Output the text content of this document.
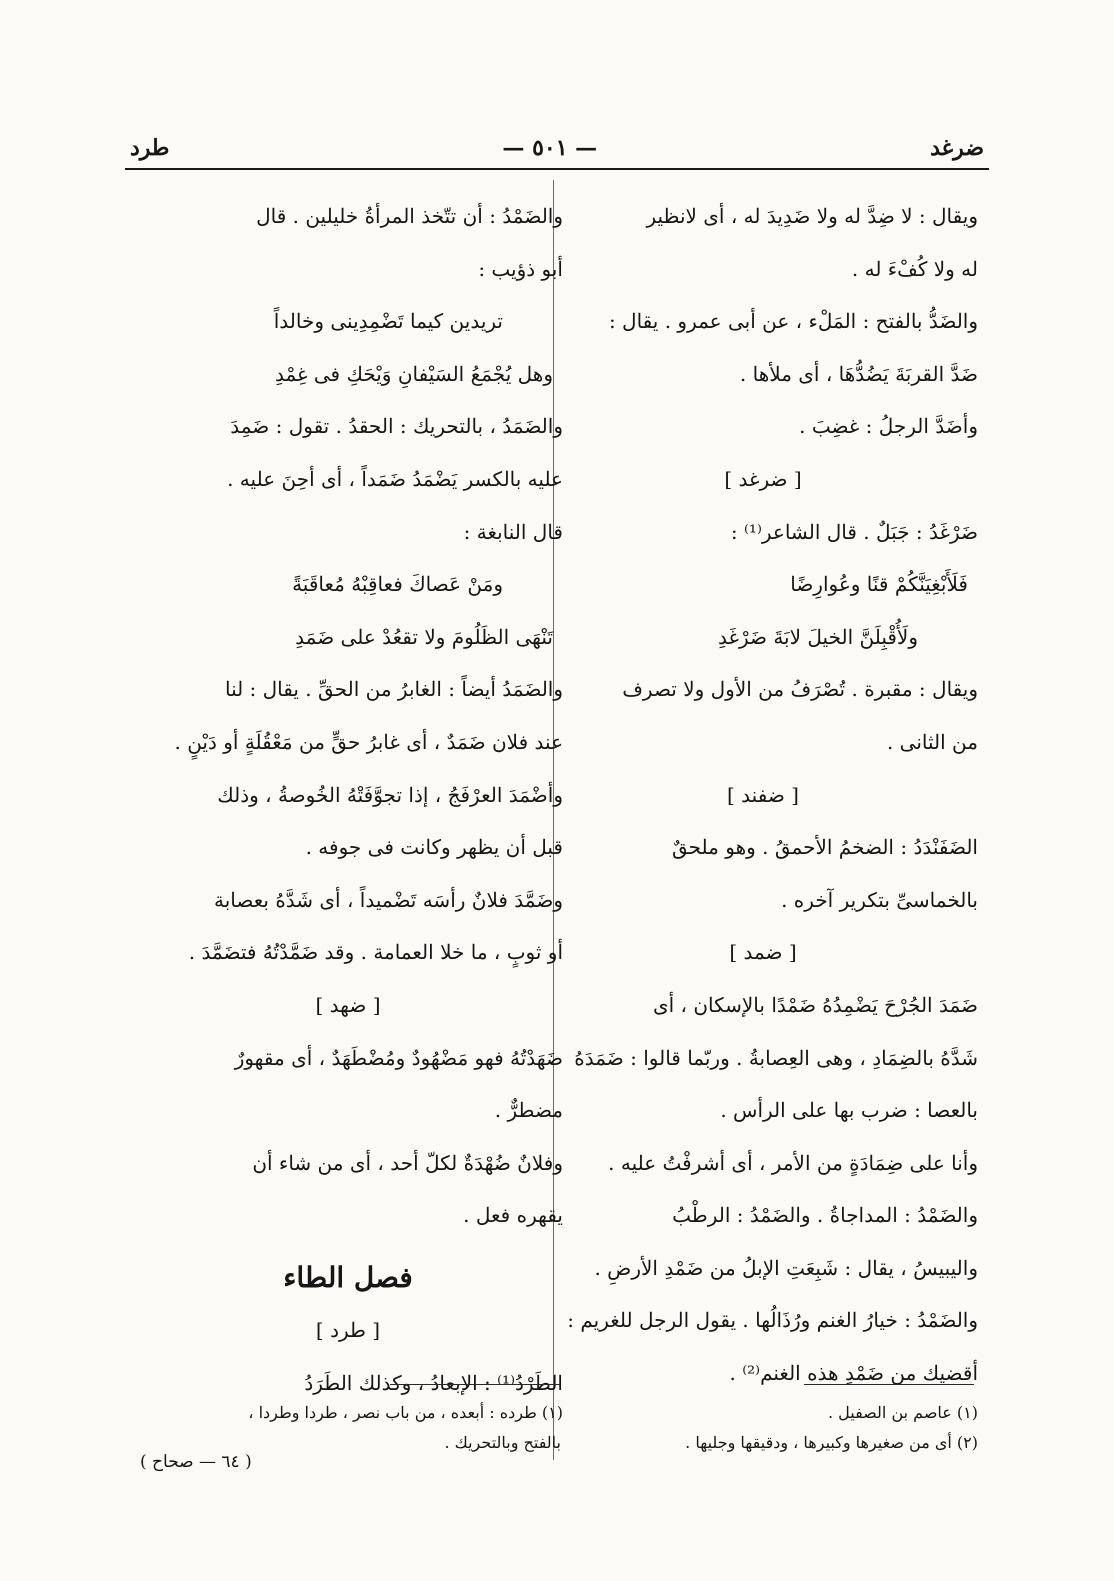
ضرغد
— ٥٠١ —
طرد
ويقال : لا ضِدَّ له ولا ضَدِيدَ له ، أى لانظير
له ولا كُفْءَ له .
والضَدُّ بالفتح : المَلْء ، عن أبى عمرو . يقال :
ضَدَّ القربَةَ يَضُدُّهَا ، أى ملأها .
وأضَدَّ الرجلُ : غضِبَ .
[ ضرغد ]
ضَرْغَدُ : جَبَلٌ . قال الشاعر⁽¹⁾ :
فَلَأَبْغِيَنَّكُمْ قنًا وعُوارِضًا
ولَأُقْبِلَنَّ الخيلَ لابَةَ ضَرْغَدِ
ويقال : مقبرة . تُصْرَفُ من الأول ولا تصرف
من الثانى .
[ ضفند ]
الضَفَنْدَدُ : الضخمُ الأحمقُ . وهو ملحقٌ
بالخماسىِّ بتكرير آخره .
[ ضمد ]
ضَمَدَ الجُرْحَ يَضْمِدُهُ ضَمْدًا بالإسكان ، أى
شَدَّهُ بالضِمَادِ ، وهى العِصابةُ . وربّما قالوا : ضَمَدَهُ
بالعصا : ضرب بها على الرأس .
وأنا على ضِمَادَةٍ من الأمر ، أى أشرفْتُ عليه .
والضَمْدُ : المداجاةُ . والضَمْدُ : الرطْبُ
واليبيسُ ، يقال : شَبِعَتِ الإبلُ من ضَمْدِ الأرضِ .
والضَمْدُ : خيارُ الغنم ورُذَالُها . يقول الرجل للغريم :
أقضيك من ضَمْدِ هذه الغنم⁽²⁾ .
والضَمْدُ : أن تتّخذ المرأةُ خليلين . قال
أبو ذؤيب :
تريدين كيما تَضْمِدِينى وخالداً
وهل يُجْمَعُ السَيْفانِ وَيْحَكِ فى غِمْدِ
والضَمَدُ ، بالتحريك : الحقدُ . تقول : ضَمِدَ
عليه بالكسر يَضْمَدُ ضَمَداً ، أى أحِنَ عليه .
قال النابغة :
ومَنْ عَصاكَ فعاقِبْهُ مُعاقَبَةً
تَنْهَى الظَلُومَ ولا تقعُدْ على ضَمَدِ
والضَمَدُ أيضاً : الغابرُ من الحقِّ . يقال : لنا
عند فلان ضَمَدٌ ، أى غابرُ حقٍّ من مَعْقُلَةٍ أو دَيْنٍ .
وأضْمَدَ العرْفَجُ ، إذا تجوَّفَتْهُ الخُوصةُ ، وذلك
قبل أن يظهر وكانت فى جوفه .
وضَمَّدَ فلانٌ رأسَه تَضْميداً ، أى شَدَّهُ بعصابة
أو ثوبٍ ، ما خلا العمامة . وقد ضَمَّدْتُهُ فتضَمَّدَ .
[ ضهد ]
ضَهَدْتُهُ فهو مَضْهُودٌ ومُضْطَهَدٌ ، أى مقهورٌ
مضطرٌّ .
وفلانٌ ضُهْدَةٌ لكلّ أحد ، أى من شاء أن
يقهره فعل .
فصل الطاء
[ طرد ]
الطَرْدُ⁽¹⁾ : الإبعادُ ، وكذلك الطَرَدُ
(١) عاصم بن الصفيل .
(٢) أى من صغيرها وكبيرها ، ودقيقها وجليها .
(١) طرده : أبعده ، من باب نصر ، طردا وطردا ،
بالفتح وبالتحريك .
( ٦٤ — صحاح )
